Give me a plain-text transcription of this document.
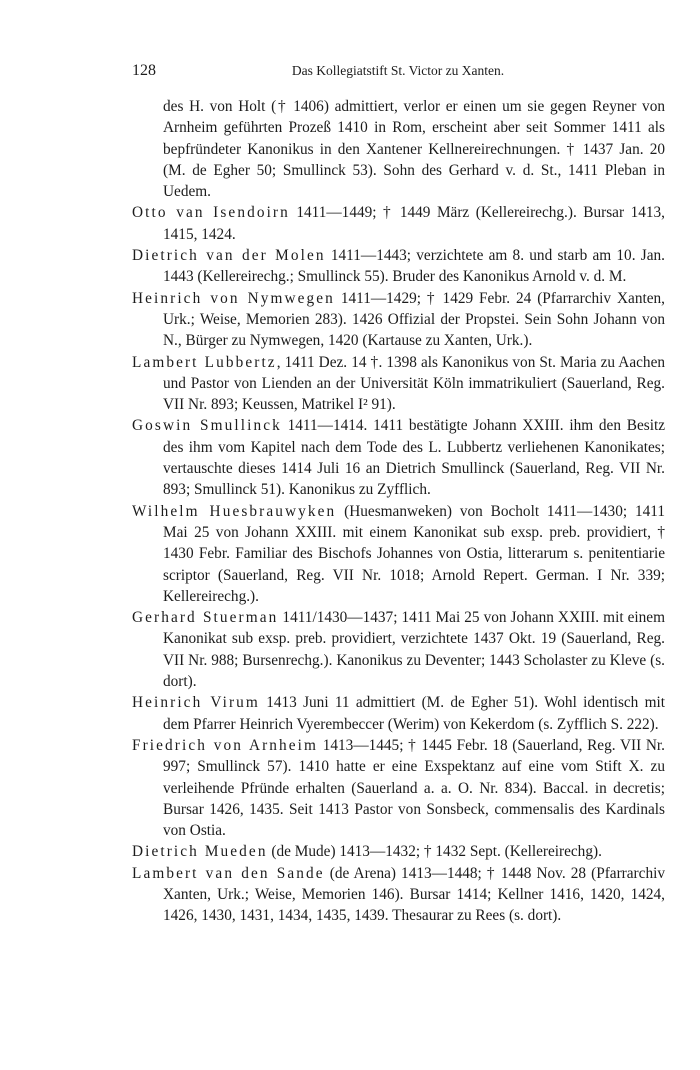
128	Das Kollegiatstift St. Victor zu Xanten.

des H. von Holt († 1406) admittiert, verlor er einen um sie gegen Reyner von Arnheim geführten Prozeß 1410 in Rom, erscheint aber seit Sommer 1411 als bepfründeter Kanonikus in den Xantener Kellnereirechnungen. † 1437 Jan. 20 (M. de Egher 50; Smullinck 53). Sohn des Gerhard v. d. St., 1411 Pleban in Uedem.

Otto van Isendoirn 1411—1449; † 1449 März (Kellereirechg.). Bursar 1413, 1415, 1424.

Dietrich van der Molen 1411—1443; verzichtete am 8. und starb am 10. Jan. 1443 (Kellereirechg.; Smullinck 55). Bruder des Kanonikus Arnold v. d. M.

Heinrich von Nymwegen 1411—1429; † 1429 Febr. 24 (Pfarrarchiv Xanten, Urk.; Weise, Memorien 283). 1426 Offizial der Propstei. Sein Sohn Johann von N., Bürger zu Nymwegen, 1420 (Kartause zu Xanten, Urk.).

Lambert Lubbertz, 1411 Dez. 14 †. 1398 als Kanonikus von St. Maria zu Aachen und Pastor von Lienden an der Universität Köln immatrikuliert (Sauerland, Reg. VII Nr. 893; Keussen, Matrikel I² 91).

Goswin Smullinck 1411—1414. 1411 bestätigte Johann XXIII. ihm den Besitz des ihm vom Kapitel nach dem Tode des L. Lubbertz verliehenen Kanonikates; vertauschte dieses 1414 Juli 16 an Dietrich Smullinck (Sauerland, Reg. VII Nr. 893; Smullinck 51). Kanonikus zu Zyfflich.

Wilhelm Huesbrauwyken (Huesmanweken) von Bocholt 1411—1430; 1411 Mai 25 von Johann XXIII. mit einem Kanonikat sub exsp. preb. providiert, † 1430 Febr. Familiar des Bischofs Johannes von Ostia, litterarum s. penitentiarie scriptor (Sauerland, Reg. VII Nr. 1018; Arnold Repert. German. I Nr. 339; Kellereirechg.).

Gerhard Stuerman 1411/1430—1437; 1411 Mai 25 von Johann XXIII. mit einem Kanonikat sub exsp. preb. providiert, verzichtete 1437 Okt. 19 (Sauerland, Reg. VII Nr. 988; Bursenrechg.). Kanonikus zu Deventer; 1443 Scholaster zu Kleve (s. dort).

Heinrich Virum 1413 Juni 11 admittiert (M. de Egher 51). Wohl identisch mit dem Pfarrer Heinrich Vyerembeccer (Werim) von Kekerdom (s. Zyfflich S. 222).

Friedrich von Arnheim 1413—1445; † 1445 Febr. 18 (Sauerland, Reg. VII Nr. 997; Smullinck 57). 1410 hatte er eine Exspektanz auf eine vom Stift X. zu verleihende Pfründe erhalten (Sauerland a. a. O. Nr. 834). Baccal. in decretis; Bursar 1426, 1435. Seit 1413 Pastor von Sonsbeck, commensalis des Kardinals von Ostia.

Dietrich Mueden (de Mude) 1413—1432; † 1432 Sept. (Kellereirechg).

Lambert van den Sande (de Arena) 1413—1448; † 1448 Nov. 28 (Pfarrarchiv Xanten, Urk.; Weise, Memorien 146). Bursar 1414; Kellner 1416, 1420, 1424, 1426, 1430, 1431, 1434, 1435, 1439. Thesaurar zu Rees (s. dort).
